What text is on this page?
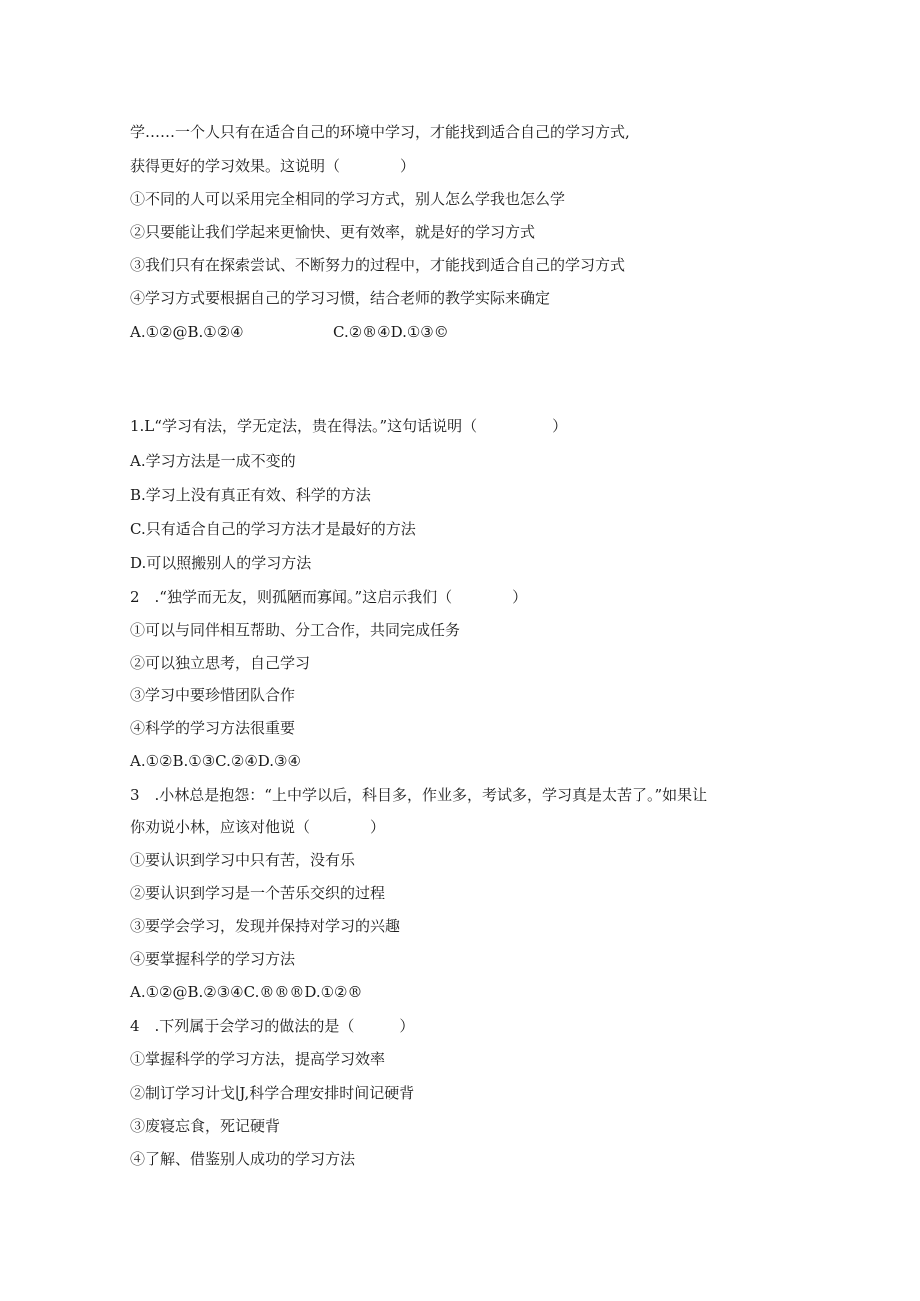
学……一个人只有在适合自己的环境中学习，才能找到适合自己的学习方式,
获得更好的学习效果。这说明（　　　　）
①不同的人可以采用完全相同的学习方式，别人怎么学我也怎么学
②只要能让我们学起来更愉快、更有效率，就是好的学习方式
③我们只有在探索尝试、不断努力的过程中，才能找到适合自己的学习方式
④学习方式要根据自己的学习习惯，结合老师的教学实际来确定
A.①②@B.①②④	C.②®④D.①③©
1.L“学习有法，学无定法，贵在得法。”这句话说明（　　　　　）
A.学习方法是一成不变的
B.学习上没有真正有效、科学的方法
C.只有适合自己的学习方法才是最好的方法
D.可以照搬别人的学习方法
2　.“独学而无友，则孤陋而寡闻。”这启示我们（　　　　）
①可以与同伴相互帮助、分工合作，共同完成任务
②可以独立思考，自己学习
③学习中要珍惜团队合作
④科学的学习方法很重要
A.①②B.①③C.②④D.③④
3　.小林总是抱怨：“上中学以后，科目多，作业多，考试多，学习真是太苦了。”如果让
你劝说小林，应该对他说（　　　　）
①要认识到学习中只有苦，没有乐
②要认识到学习是一个苦乐交织的过程
③要学会学习，发现并保持对学习的兴趣
④要掌握科学的学习方法
A.①②@B.②③④C.®®®D.①②®
4　.下列属于会学习的做法的是（　　　）
①掌握科学的学习方法，提高学习效率
②制订学习计戈∣J,科学合理安排时间记硬背
③废寝忘食，死记硬背
④了解、借鉴别人成功的学习方法
